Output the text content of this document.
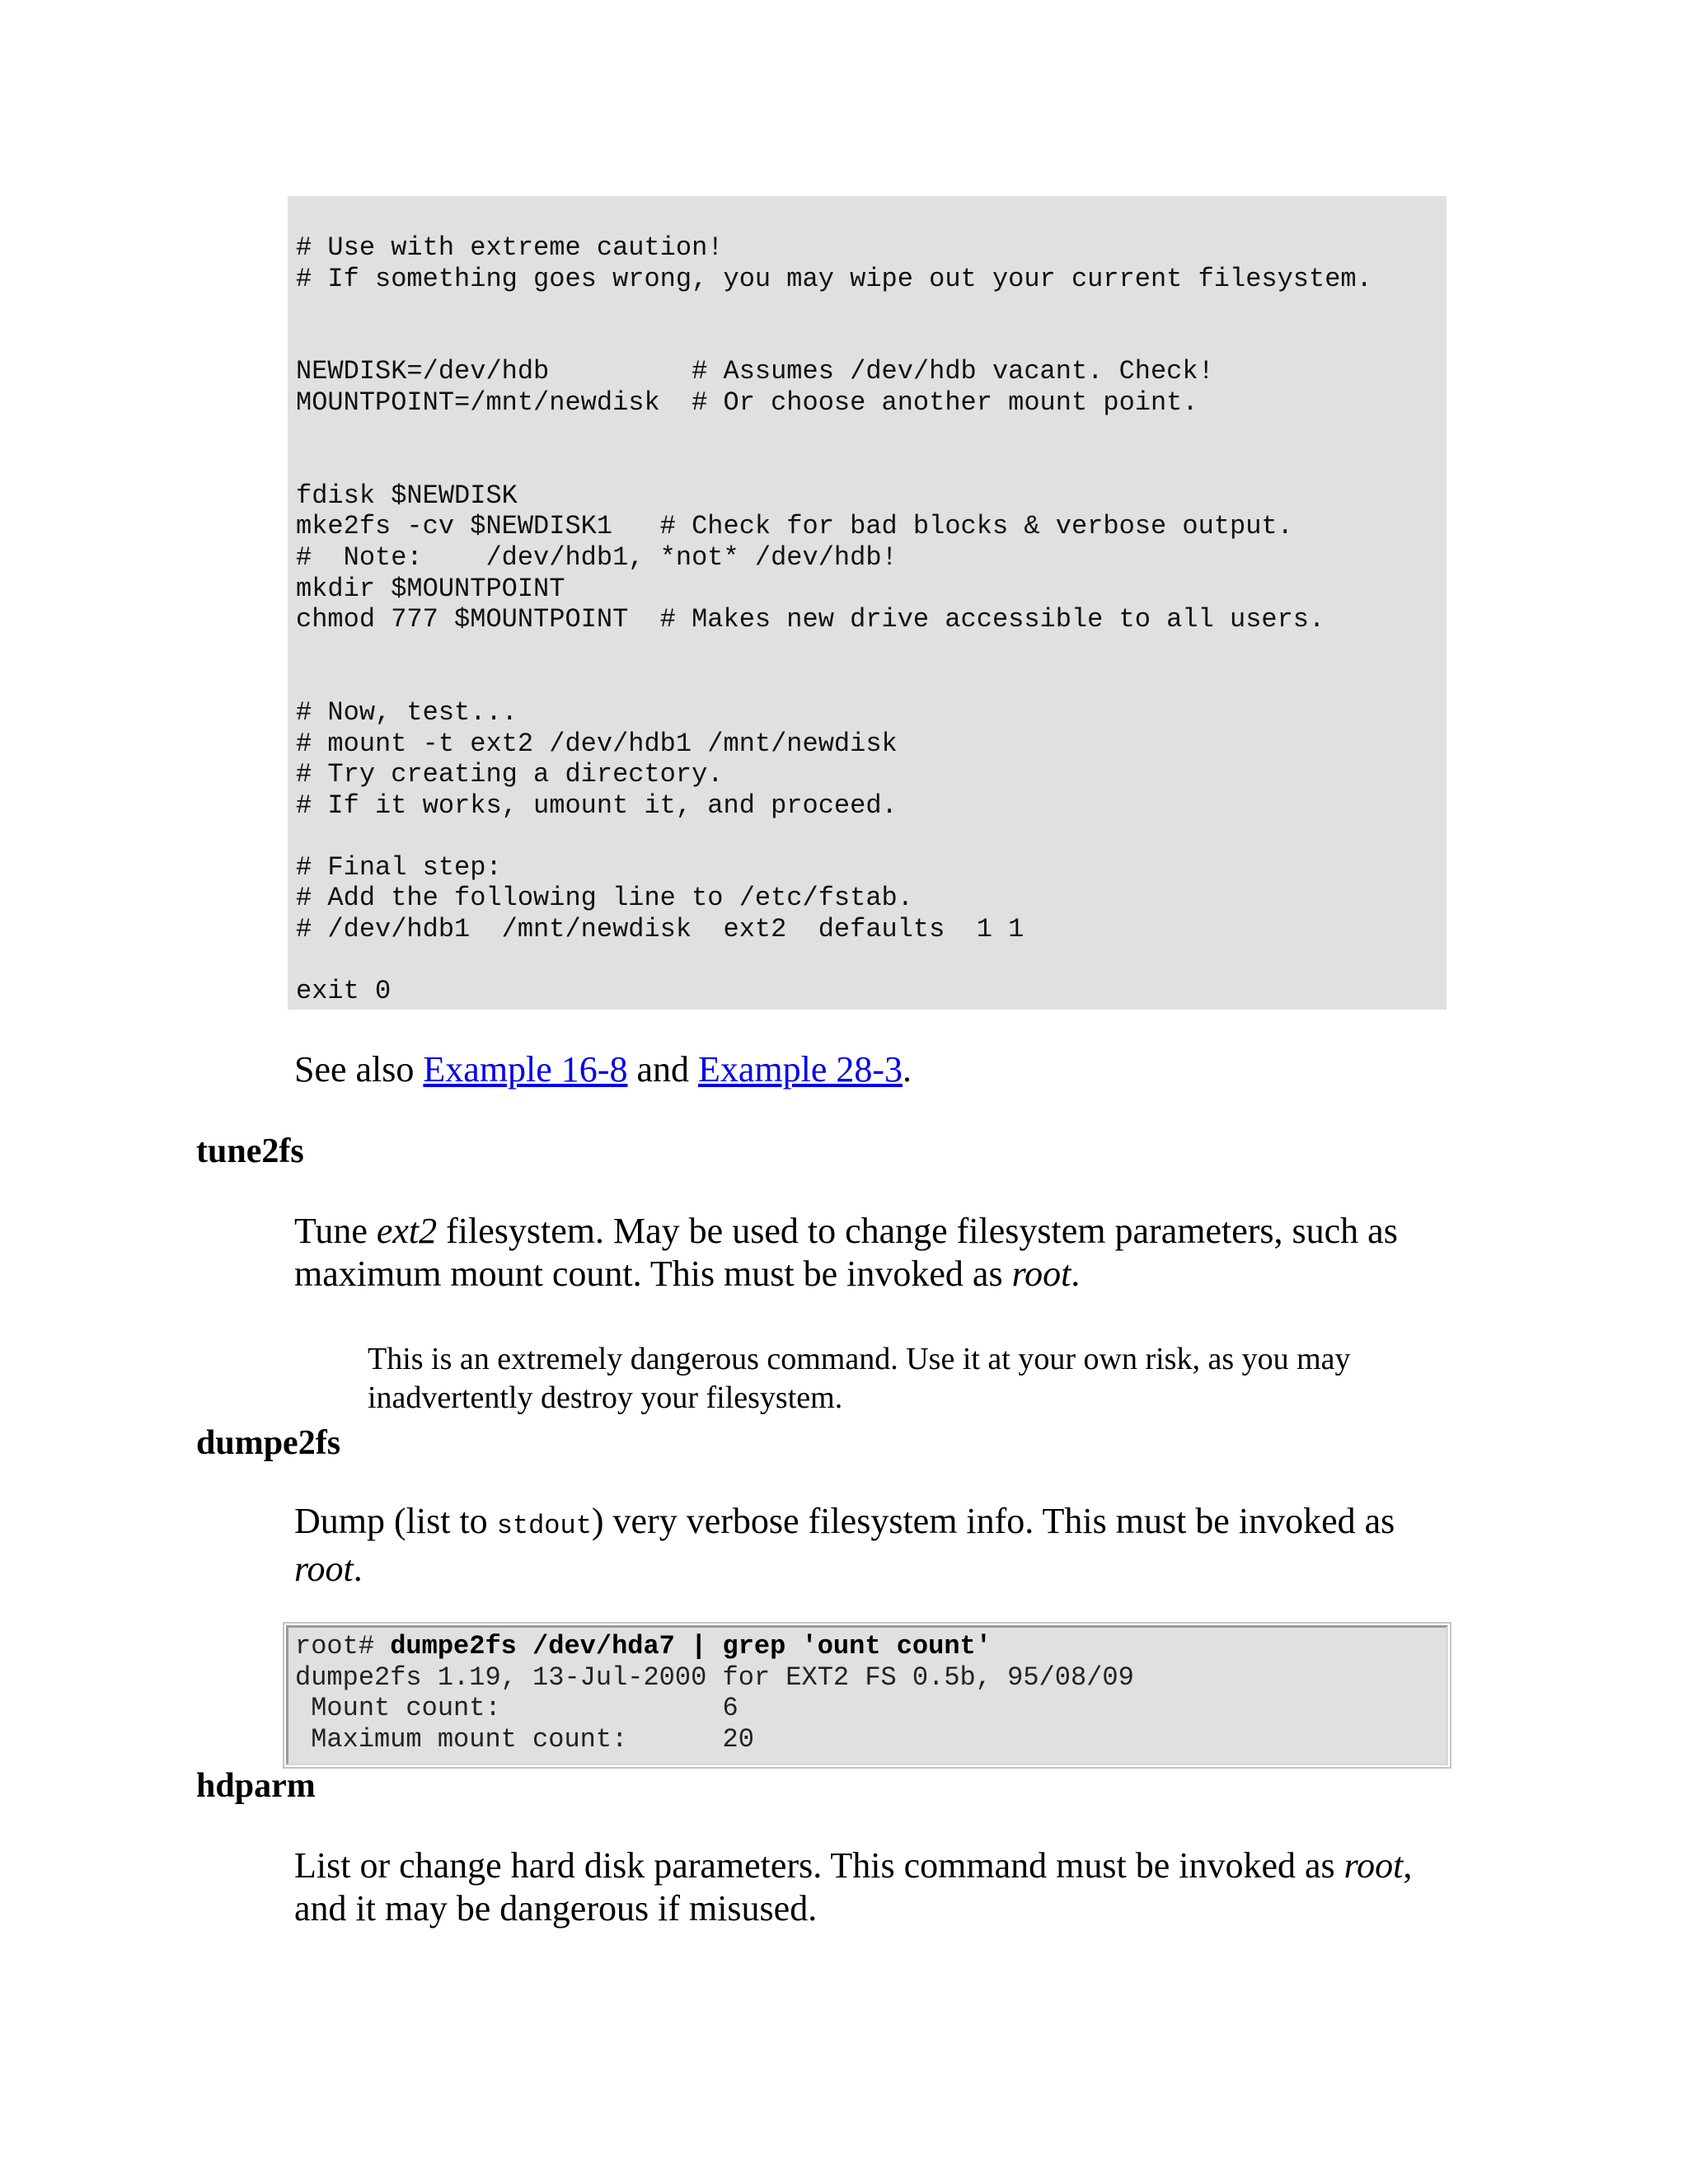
# Use with extreme caution!
# If something goes wrong, you may wipe out your current filesystem.
NEWDISK=/dev/hdb         # Assumes /dev/hdb vacant. Check!
MOUNTPOINT=/mnt/newdisk  # Or choose another mount point.
fdisk $NEWDISK
mke2fs -cv $NEWDISK1   # Check for bad blocks & verbose output.
#  Note:    /dev/hdb1, *not* /dev/hdb!
mkdir $MOUNTPOINT
chmod 777 $MOUNTPOINT  # Makes new drive accessible to all users.
# Now, test...
# mount -t ext2 /dev/hdb1 /mnt/newdisk
# Try creating a directory.
# If it works, umount it, and proceed.
# Final step:
# Add the following line to /etc/fstab.
# /dev/hdb1  /mnt/newdisk  ext2  defaults  1 1
exit 0
See also Example 16-8 and Example 28-3.
tune2fs
Tune ext2 filesystem. May be used to change filesystem parameters, such as maximum mount count. This must be invoked as root.
This is an extremely dangerous command. Use it at your own risk, as you may inadvertently destroy your filesystem.
dumpe2fs
Dump (list to stdout) very verbose filesystem info. This must be invoked as root.
root# dumpe2fs /dev/hda7 | grep 'ount count'
dumpe2fs 1.19, 13-Jul-2000 for EXT2 FS 0.5b, 95/08/09
Mount count:              6
Maximum mount count:      20
hdparm
List or change hard disk parameters. This command must be invoked as root, and it may be dangerous if misused.
